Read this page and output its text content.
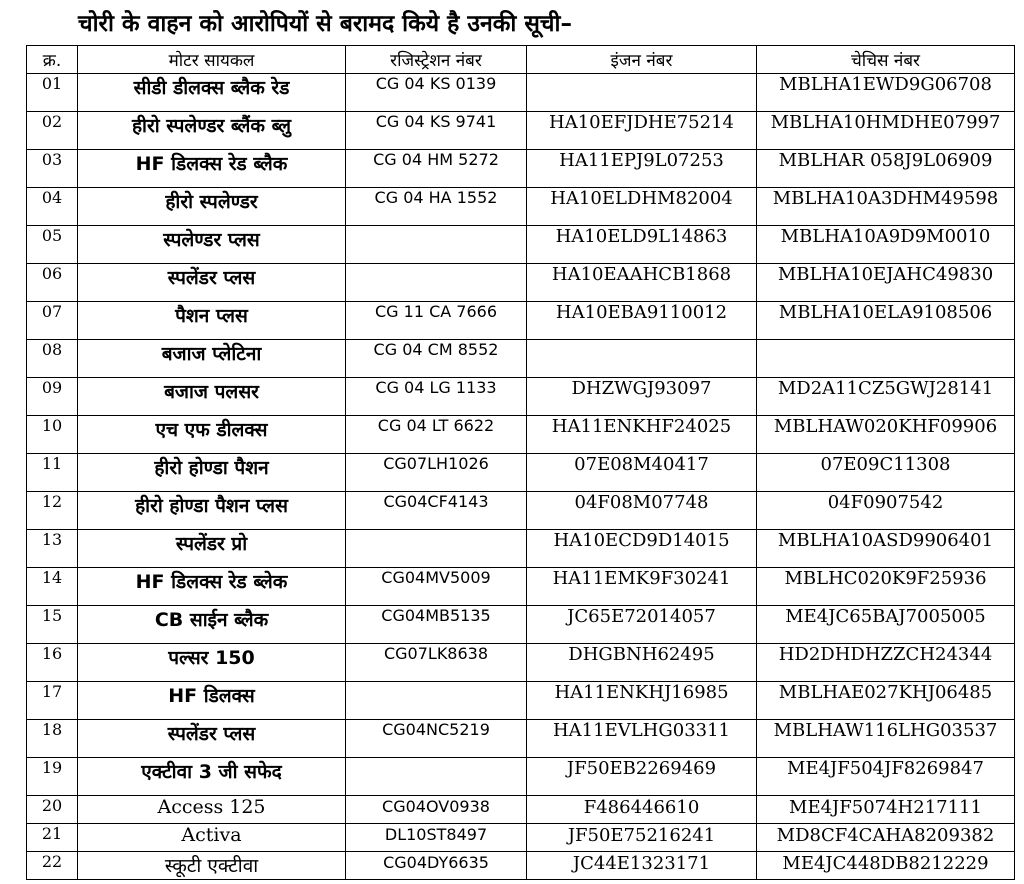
चोरी के वाहन को आरोपियों से बरामद किये है उनकी सूची–
क्र.	मोटर सायकल	रजिस्ट्रेशन नंबर	इंजन नंबर	चेचिस नंबर
01	सीडी डीलक्स ब्लैक रेड	CG 04 KS 0139		MBLHA1EWD9G06708
02	हीरो स्पलेण्डर ब्लैंक ब्लु	CG 04 KS 9741	HA10EFJDHE75214	MBLHA10HMDHE07997
03	HF डिलक्स रेड ब्लैक	CG 04 HM 5272	HA11EPJ9L07253	MBLHAR 058J9L06909
04	हीरो स्पलेण्डर	CG 04 HA 1552	HA10ELDHM82004	MBLHA10A3DHM49598
05	स्पलेण्डर प्लस		HA10ELD9L14863	MBLHA10A9D9M0010
06	स्पलेंडर प्लस		HA10EAAHCB1868	MBLHA10EJAHC49830
07	पैशन प्लस	CG 11 CA 7666	HA10EBA9110012	MBLHA10ELA9108506
08	बजाज प्लेटिना	CG 04 CM 8552		
09	बजाज पलसर	CG 04 LG 1133	DHZWGJ93097	MD2A11CZ5GWJ28141
10	एच एफ डीलक्स	CG 04 LT 6622	HA11ENKHF24025	MBLHAW020KHF09906
11	हीरो होण्डा पैशन	CG07LH1026	07E08M40417	07E09C11308
12	हीरो होण्डा पैशन प्लस	CG04CF4143	04F08M07748	04F0907542
13	स्पलेंडर प्रो		HA10ECD9D14015	MBLHA10ASD9906401
14	HF डिलक्स रेड ब्लेक	CG04MV5009	HA11EMK9F30241	MBLHC020K9F25936
15	CB साईन ब्लैक	CG04MB5135	JC65E72014057	ME4JC65BAJ7005005
16	पल्सर 150	CG07LK8638	DHGBNH62495	HD2DHDHZZCH24344
17	HF डिलक्स		HA11ENKHJ16985	MBLHAE027KHJ06485
18	स्पलेंडर प्लस	CG04NC5219	HA11EVLHG03311	MBLHAW116LHG03537
19	एक्टीवा 3 जी सफेद		JF50EB2269469	ME4JF504JF8269847
20	Access 125	CG04OV0938	F486446610	ME4JF5074H217111
21	Activa	DL10ST8497	JF50E75216241	MD8CF4CAHA8209382
22	स्कूटी एक्टीवा	CG04DY6635	JC44E1323171	ME4JC448DB8212229
